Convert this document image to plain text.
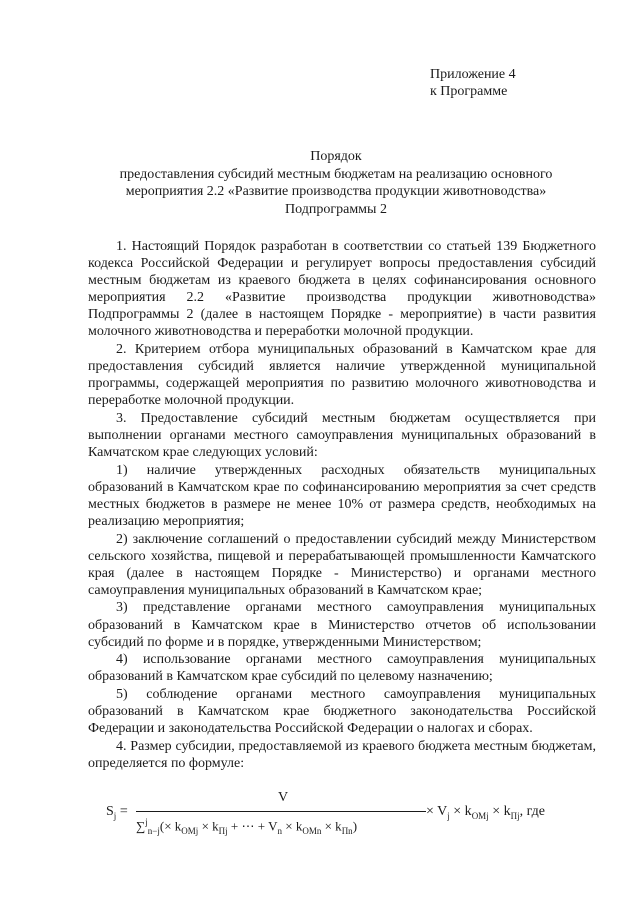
Приложение 4
к Программе
Порядок
предоставления субсидий местным бюджетам на реализацию основного
мероприятия 2.2 «Развитие производства продукции животноводства»
Подпрограммы 2

1. Настоящий Порядок разработан в соответствии со статьей 139 Бюджетного кодекса Российской Федерации и регулирует вопросы предоставления субсидий местным бюджетам из краевого бюджета в целях софинансирования основного мероприятия 2.2 «Развитие производства продукции животноводства» Подпрограммы 2 (далее в настоящем Порядке - мероприятие) в части развития молочного животноводства и переработки молочной продукции.

2. Критерием отбора муниципальных образований в Камчатском крае для предоставления субсидий является наличие утвержденной муниципальной программы, содержащей мероприятия по развитию молочного животноводства и переработке молочной продукции.

3. Предоставление субсидий местным бюджетам осуществляется при выполнении органами местного самоуправления муниципальных образований в Камчатском крае следующих условий:

1) наличие утвержденных расходных обязательств муниципальных образований в Камчатском крае по софинансированию мероприятия за счет средств местных бюджетов в размере не менее 10% от размера средств, необходимых на реализацию мероприятия;

2) заключение соглашений о предоставлении субсидий между Министерством сельского хозяйства, пищевой и перерабатывающей промышленности Камчатского края (далее в настоящем Порядке - Министерство) и органами местного самоуправления муниципальных образований в Камчатском крае;

3) представление органами местного самоуправления муниципальных образований в Камчатском крае в Министерство отчетов об использовании субсидий по форме и в порядке, утвержденными Министерством;

4) использование органами местного самоуправления муниципальных образований в Камчатском крае субсидий по целевому назначению;

5) соблюдение органами местного самоуправления муниципальных образований в Камчатском крае бюджетного законодательства Российской Федерации и законодательства Российской Федерации о налогах и сборах.

4. Размер субсидии, предоставляемой из краевого бюджета местным бюджетам, определяется по формуле:

$S_j$ =
V
$\sum^j_{n-j}(\times k_{OMj} \times k_{Пj}$ + ⋯ + $V_n \times k_{OMn} \times k_{Пn}$)
× $V_j \times k_{OMj} \times k_{Пj}$, где
